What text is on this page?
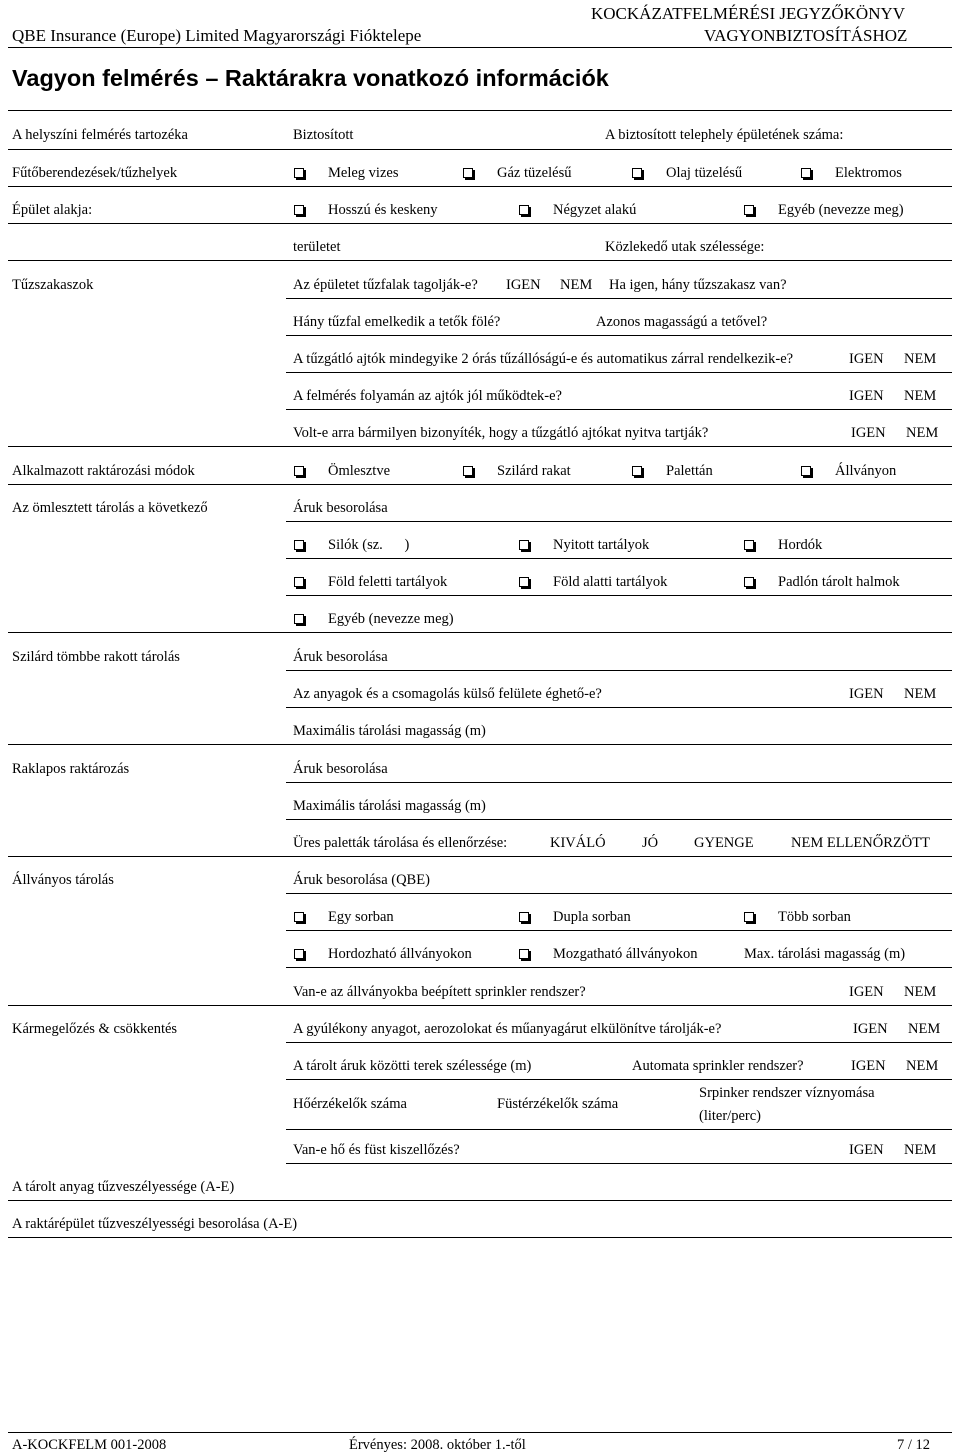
KOCKÁZATFELMÉRÉSI JEGYZŐKÖNYV
QBE Insurance (Europe) Limited Magyarországi Fióktelepe	VAGYONBIZTOSÍTÁSHOZ
Vagyon felmérés – Raktárakra vonatkozó információk
A helyszíni felmérés tartozéka	Biztosított	A biztosított telephely épületének száma:
Fűtőberendezések/tűzhelyek	Meleg vizes	Gáz tüzelésű	Olaj tüzelésű	Elektromos
Épület alakja:	Hosszú és keskeny	Négyzet alakú	Egyéb (nevezze meg)
területet	Közlekedő utak szélessége:
Tűzszakaszok	Az épületet tűzfalak tagolják-e? IGEN NEM Ha igen, hány tűzszakasz van?
Hány tűzfal emelkedik a tetők fölé?	Azonos magasságú a tetővel?
A tűzgátló ajtók mindegyike 2 órás tűzállóságú-e és automatikus zárral rendelkezik-e?	IGEN NEM
A felmérés folyamán az ajtók jól működtek-e?	IGEN NEM
Volt-e arra bármilyen bizonyíték, hogy a tűzgátló ajtókat nyitva tartják?	IGEN NEM
Alkalmazott raktározási módok	Ömlesztve	Szilárd rakat	Palettán	Állványon
Az ömlesztett tárolás a következő	Áruk besorolása
Silók (sz.      )	Nyitott tartályok	Hordók
Föld feletti tartályok	Föld alatti tartályok	Padlón tárolt halmok
Egyéb (nevezze meg)
Szilárd tömbbe rakott tárolás	Áruk besorolása
Az anyagok és a csomagolás külső felülete éghető-e?	IGEN NEM
Maximális tárolási magasság (m)
Raklapos raktározás	Áruk besorolása
Maximális tárolási magasság (m)
Üres paletták tárolása és ellenőrzése:	KIVÁLÓ	JÓ GYENGE	NEM ELLENŐRZÖTT
Állványos tárolás	Áruk besorolása (QBE)
Egy sorban	Dupla sorban	Több sorban
Hordozható állványokon	Mozgatható állványokon	Max. tárolási magasság (m)
Van-e az állványokba beépített sprinkler rendszer?	IGEN NEM
Kármegelőzés & csökkentés	A gyúlékony anyagot, aerozolokat és műanyagárut elkülönítve tárolják-e?	IGEN NEM
A tárolt áruk közötti terek szélessége (m)	Automata sprinkler rendszer?	IGEN NEM
Hőérzékelők száma	Füstérzékelők száma
Srpinker rendszer víznyomása
(liter/perc)
Van-e hő és füst kiszellőzés?	IGEN NEM
A tárolt anyag tűzveszélyessége (A-E)
A raktárépület tűzveszélyességi besorolása (A-E)
A-KOCKFELM 001-2008	Érvényes: 2008. október 1.-től	7 / 12
